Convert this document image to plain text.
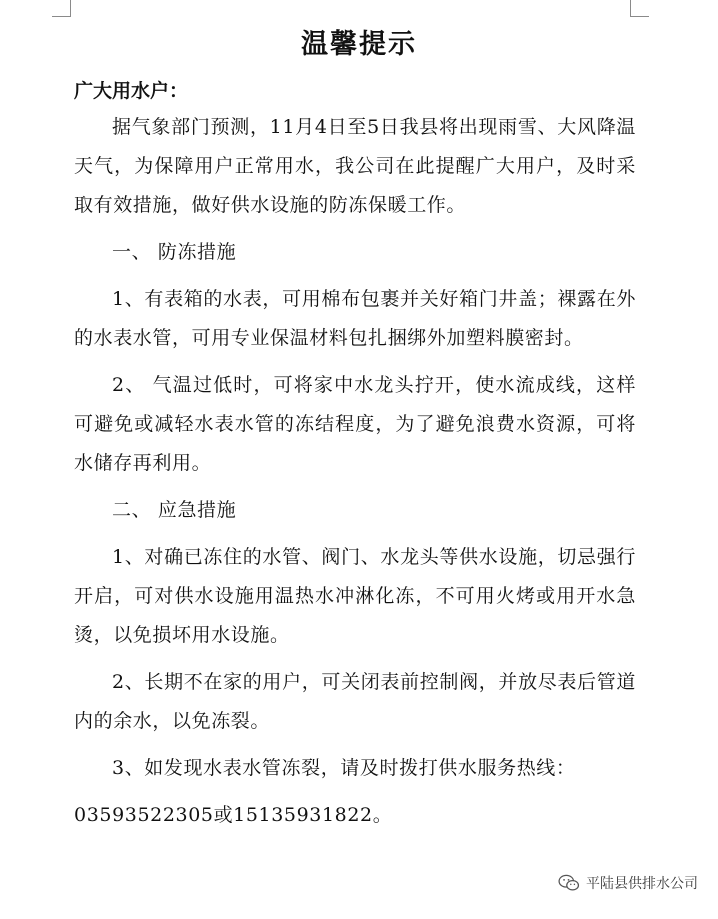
温馨提示
广大用水户：

据气象部门预测，11月4日至5日我县将出现雨雪、大风降温天气，为保障用户正常用水，我公司在此提醒广大用户，及时采取有效措施，做好供水设施的防冻保暖工作。

一、 防冻措施

1、有表箱的水表，可用棉布包裹并关好箱门井盖；裸露在外的水表水管，可用专业保温材料包扎捆绑外加塑料膜密封。

2、 气温过低时，可将家中水龙头拧开，使水流成线，这样可避免或减轻水表水管的冻结程度，为了避免浪费水资源，可将水储存再利用。

二、 应急措施

1、对确已冻住的水管、阀门、水龙头等供水设施，切忌强行开启，可对供水设施用温热水冲淋化冻，不可用火烤或用开水急烫，以免损坏用水设施。

2、长期不在家的用户，可关闭表前控制阀，并放尽表后管道内的余水，以免冻裂。

3、如发现水表水管冻裂，请及时拨打供水服务热线：

03593522305或15135931822。
平陆县供排水公司
